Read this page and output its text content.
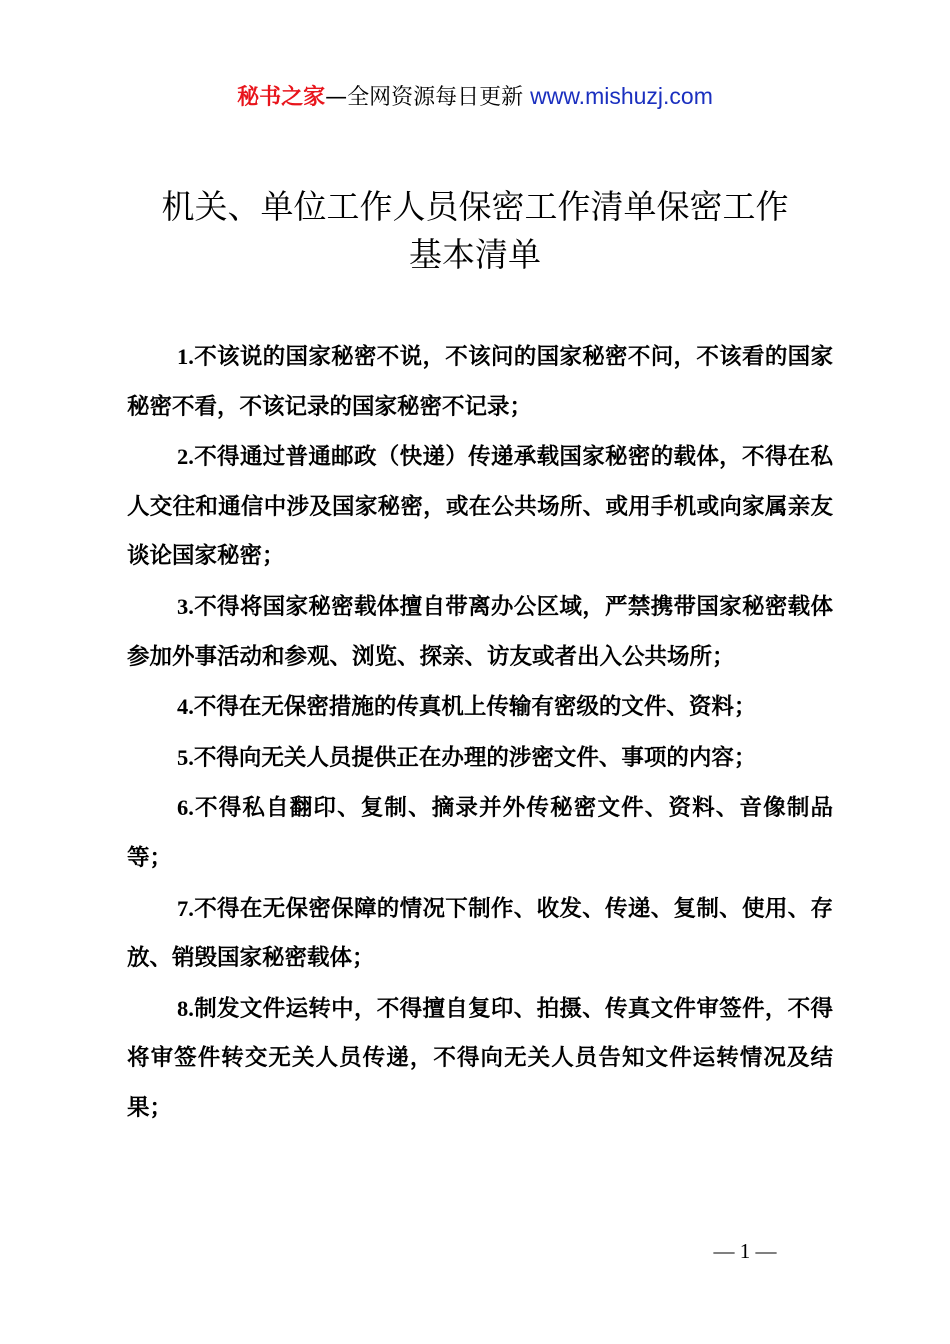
秘书之家—全网资源每日更新 www.mishuzj.com
机关、单位工作人员保密工作清单保密工作
基本清单

1.不该说的国家秘密不说，不该问的国家秘密不问，不该看的国家秘密不看，不该记录的国家秘密不记录；

2.不得通过普通邮政（快递）传递承载国家秘密的载体，不得在私人交往和通信中涉及国家秘密，或在公共场所、或用手机或向家属亲友谈论国家秘密；

3.不得将国家秘密载体擅自带离办公区域，严禁携带国家秘密载体参加外事活动和参观、浏览、探亲、访友或者出入公共场所；

4.不得在无保密措施的传真机上传输有密级的文件、资料；

5.不得向无关人员提供正在办理的涉密文件、事项的内容；

6.不得私自翻印、复制、摘录并外传秘密文件、资料、音像制品等；

7.不得在无保密保障的情况下制作、收发、传递、复制、使用、存放、销毁国家秘密载体；

8.制发文件运转中，不得擅自复印、拍摄、传真文件审签件，不得将审签件转交无关人员传递，不得向无关人员告知文件运转情况及结果；

— 1 —
